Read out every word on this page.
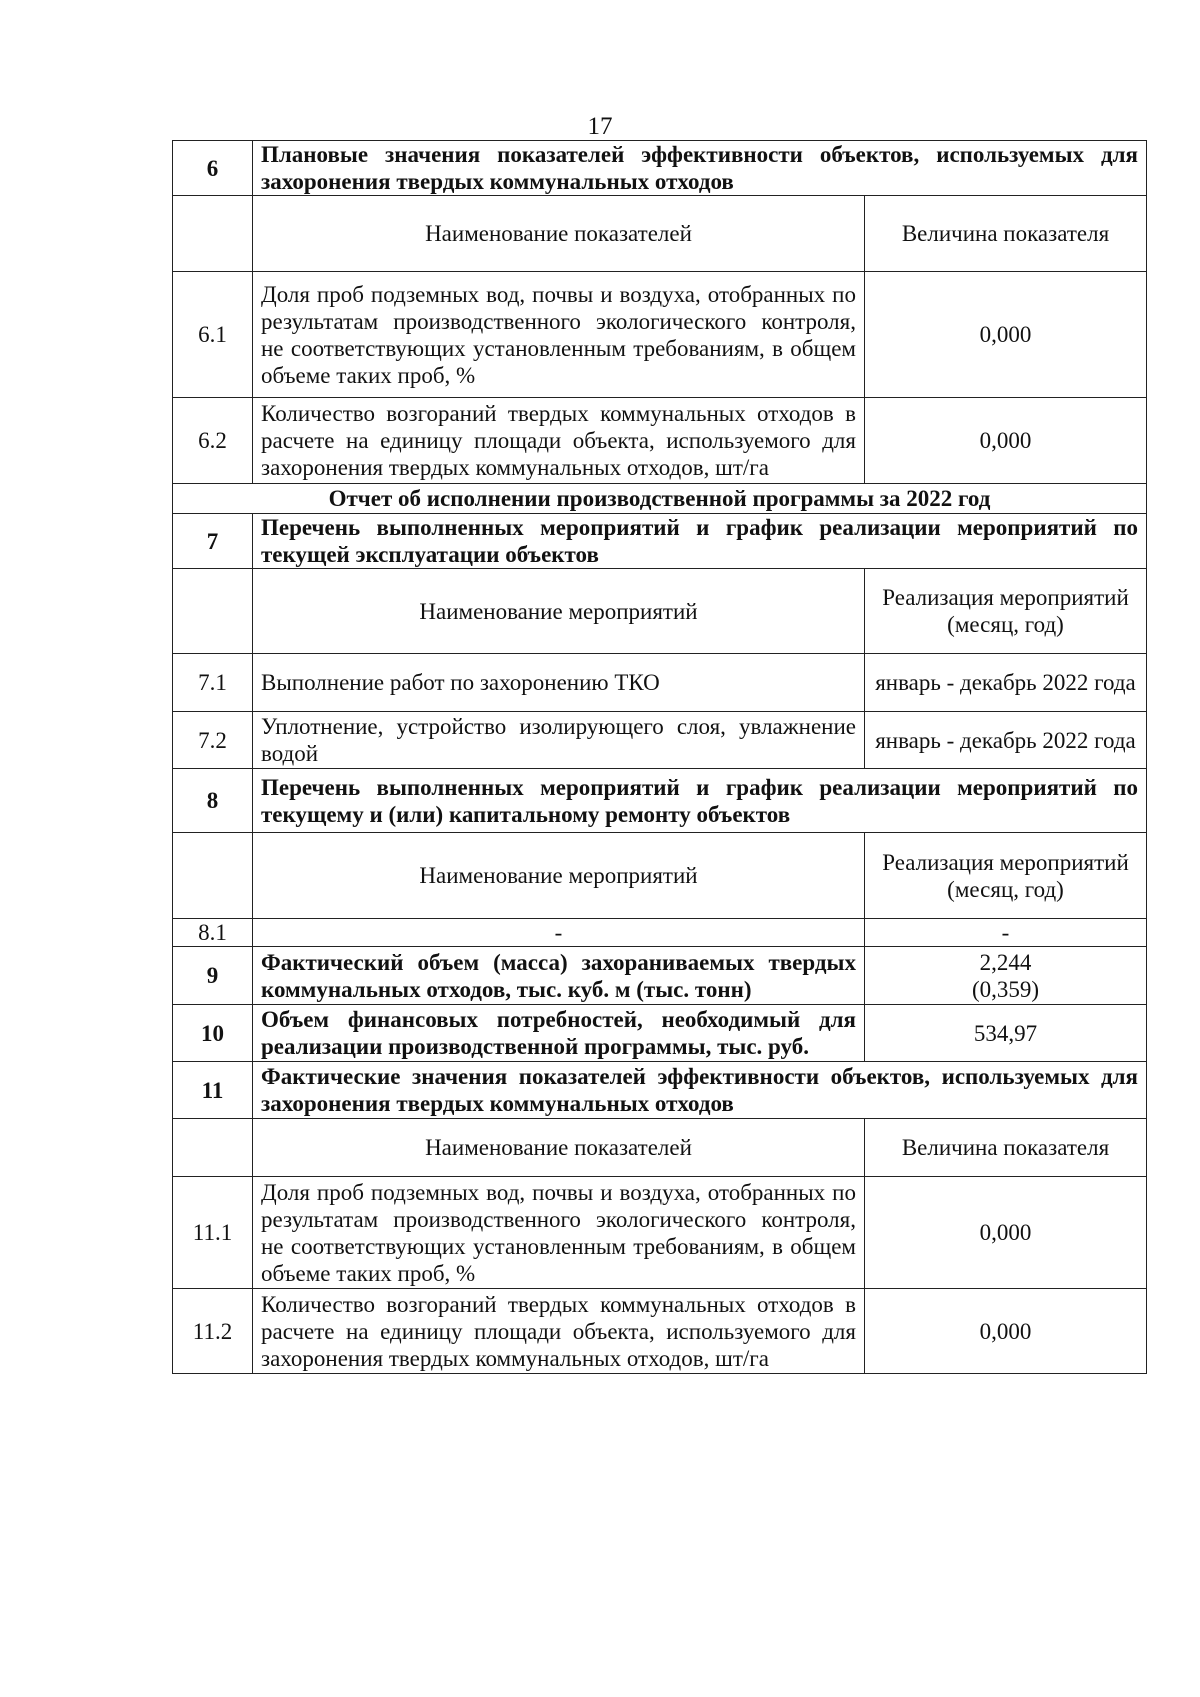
17
6	Плановые значения показателей эффективности объектов, используемых для захоронения твердых коммунальных отходов	
	Наименование показателей	Величина показателя
6.1	Доля проб подземных вод, почвы и воздуха, отобранных по результатам производственного экологического контроля, не соответствующих установленным требованиям, в общем объеме таких проб, %	0,000
6.2	Количество возгораний твердых коммунальных отходов в расчете на единицу площади объекта, используемого для захоронения твердых коммунальных отходов, шт/га	0,000
Отчет об исполнении производственной программы за 2022 год		
7	Перечень выполненных мероприятий и график реализации мероприятий по текущей эксплуатации объектов	
	Наименование мероприятий	Реализация мероприятий (месяц, год)
7.1	Выполнение работ по захоронению ТКО	январь - декабрь 2022 года
7.2	Уплотнение, устройство изолирующего слоя, увлажнение водой	январь - декабрь 2022 года
8	Перечень выполненных мероприятий и график реализации мероприятий по текущему и (или) капитальному ремонту объектов	
	Наименование мероприятий	Реализация мероприятий (месяц, год)
8.1	-	-
9	Фактический объем (масса) захораниваемых твердых коммунальных отходов, тыс. куб. м (тыс. тонн)	2,244
(0,359)

10	Объем финансовых потребностей, необходимый для реализации производственной программы, тыс. руб.	534,97
11	Фактические значения показателей эффективности объектов, используемых для захоронения твердых коммунальных отходов	
	Наименование показателей	Величина показателя
11.1	Доля проб подземных вод, почвы и воздуха, отобранных по результатам производственного экологического контроля, не соответствующих установленным требованиям, в общем объеме таких проб, %	0,000
11.2	Количество возгораний твердых коммунальных отходов в расчете на единицу площади объекта, используемого для захоронения твердых коммунальных отходов, шт/га	0,000
